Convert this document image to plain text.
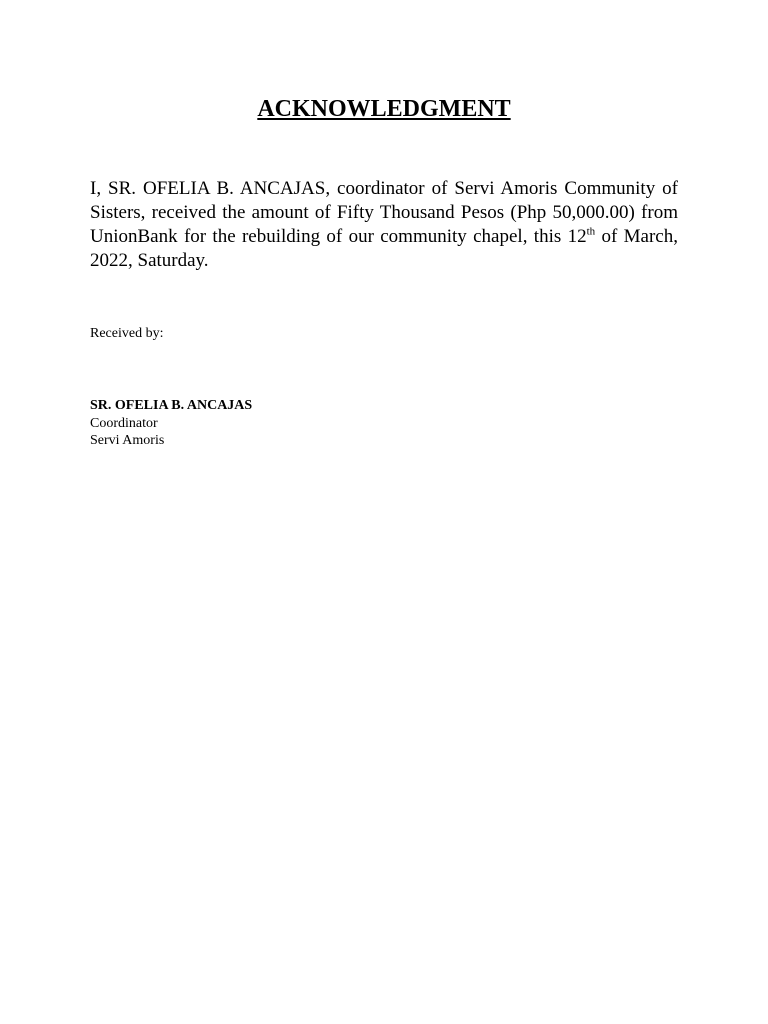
ACKNOWLEDGMENT

I, SR. OFELIA B. ANCAJAS, coordinator of Servi Amoris Community of Sisters, received the amount of Fifty Thousand Pesos (Php 50,000.00) from UnionBank for the rebuilding of our community chapel, this 12th of March, 2022, Saturday.

Received by:

SR. OFELIA B. ANCAJAS
Coordinator
Servi Amoris
